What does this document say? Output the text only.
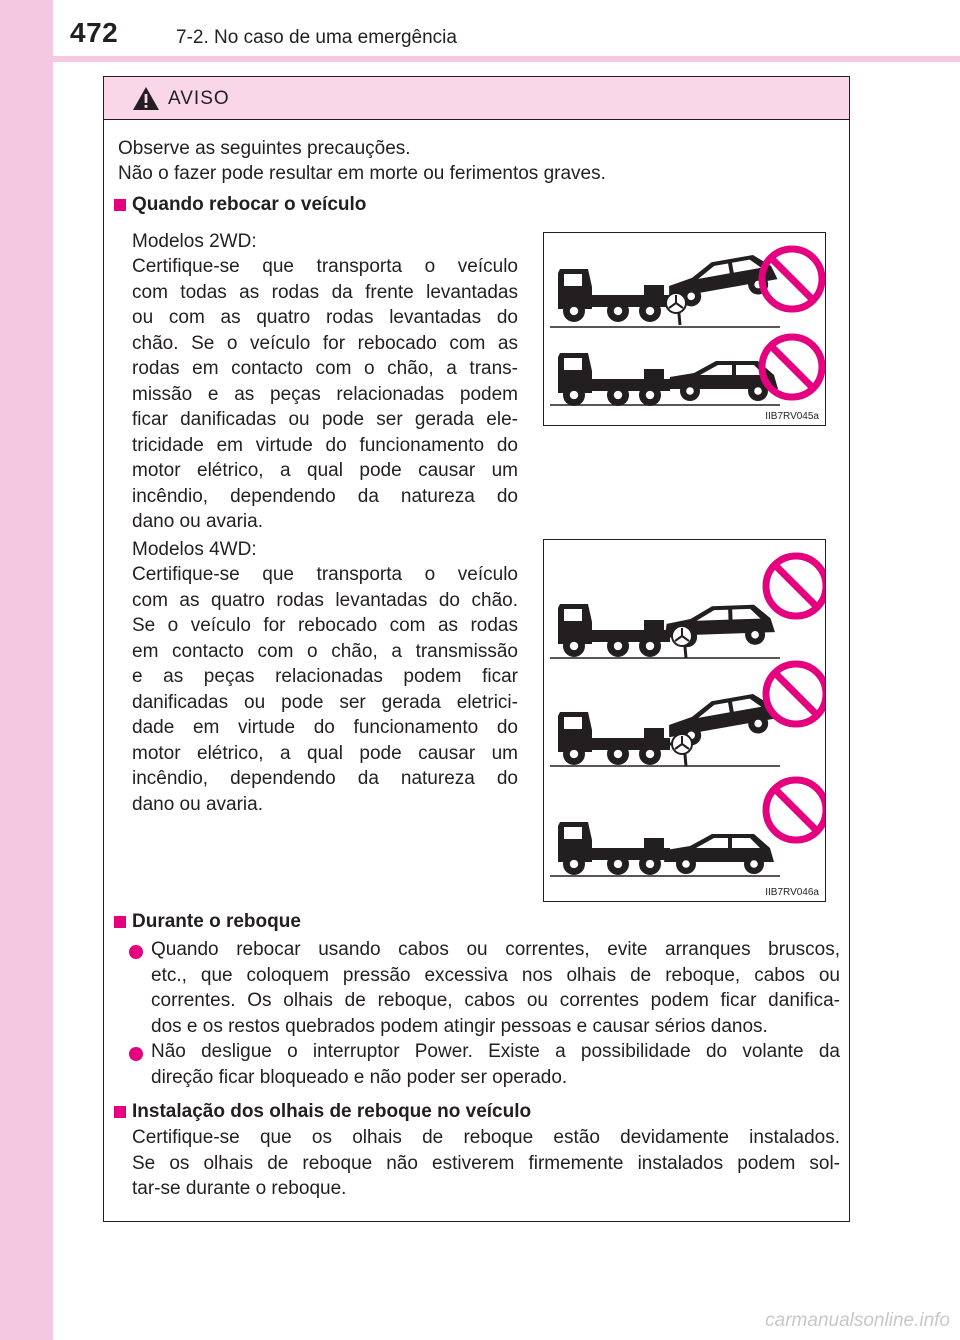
472	7-2. No caso de uma emergência
AVISO
Observe as seguintes precauções.
Não o fazer pode resultar em morte ou ferimentos graves.
Quando rebocar o veículo
Modelos 2WD:
Certifique-se que transporta o veículo
com todas as rodas da frente levantadas
ou com as quatro rodas levantadas do
chão. Se o veículo for rebocado com as
rodas em contacto com o chão, a trans-
missão e as peças relacionadas podem
ficar danificadas ou pode ser gerada ele-
tricidade em virtude do funcionamento do
motor elétrico, a qual pode causar um
incêndio, dependendo da natureza do
dano ou avaria.
IIB7RV045a
Modelos 4WD:
Certifique-se que transporta o veículo
com as quatro rodas levantadas do chão.
Se o veículo for rebocado com as rodas
em contacto com o chão, a transmissão
e as peças relacionadas podem ficar
danificadas ou pode ser gerada eletrici-
dade em virtude do funcionamento do
motor elétrico, a qual pode causar um
incêndio, dependendo da natureza do
dano ou avaria.
IIB7RV046a
Durante o reboque
Quando rebocar usando cabos ou correntes, evite arranques bruscos,
etc., que coloquem pressão excessiva nos olhais de reboque, cabos ou
correntes. Os olhais de reboque, cabos ou correntes podem ficar danifica-
dos e os restos quebrados podem atingir pessoas e causar sérios danos.
Não desligue o interruptor Power. Existe a possibilidade do volante da
direção ficar bloqueado e não poder ser operado.
Instalação dos olhais de reboque no veículo
Certifique-se que os olhais de reboque estão devidamente instalados.
Se os olhais de reboque não estiverem firmemente instalados podem sol-
tar-se durante o reboque.
carmanualsonline.info
